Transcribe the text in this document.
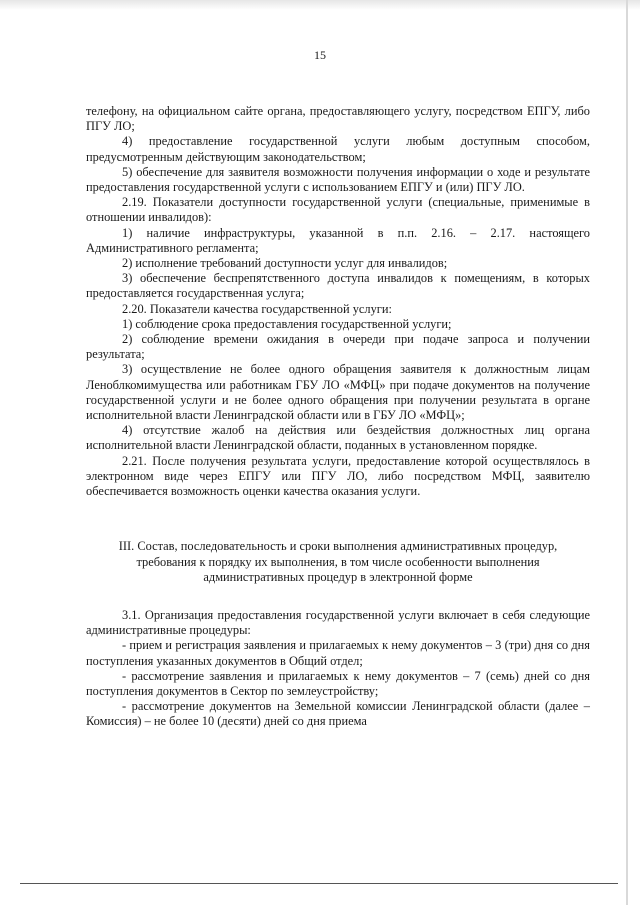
15

телефону, на официальном сайте органа, предоставляющего услугу, посредством ЕПГУ, либо ПГУ ЛО;

4) предоставление государственной услуги любым доступным способом, предусмотренным действующим законодательством;

5) обеспечение для заявителя возможности получения информации о ходе и результате предоставления государственной услуги с использованием ЕПГУ и (или) ПГУ ЛО.

2.19. Показатели доступности государственной услуги (специальные, применимые в отношении инвалидов):

1) наличие инфраструктуры, указанной в п.п. 2.16. – 2.17. настоящего Административного регламента;

2) исполнение требований доступности услуг для инвалидов;

3) обеспечение беспрепятственного доступа инвалидов к помещениям, в которых предоставляется государственная услуга;

2.20. Показатели качества государственной услуги:

1) соблюдение срока предоставления государственной услуги;

2) соблюдение времени ожидания в очереди при подаче запроса и получении результата;

3) осуществление не более одного обращения заявителя к должностным лицам Леноблкомимущества или работникам ГБУ ЛО «МФЦ» при подаче документов на получение государственной услуги и не более одного обращения при получении результата в органе исполнительной власти Ленинградской области или в ГБУ ЛО «МФЦ»;

4) отсутствие жалоб на действия или бездействия должностных лиц органа исполнительной власти Ленинградской области, поданных в установленном порядке.

2.21. После получения результата услуги, предоставление которой осуществлялось в электронном виде через ЕПГУ или ПГУ ЛО, либо посредством МФЦ, заявителю обеспечивается возможность оценки качества оказания услуги.

III. Состав, последовательность и сроки выполнения административных процедур, требования к порядку их выполнения, в том числе особенности выполнения административных процедур в электронной форме

3.1. Организация предоставления государственной услуги включает в себя следующие административные процедуры:

- прием и регистрация заявления и прилагаемых к нему документов – 3 (три) дня со дня поступления указанных документов в Общий отдел;

- рассмотрение заявления и прилагаемых к нему документов – 7 (семь) дней со дня поступления документов в Сектор по землеустройству;

- рассмотрение документов на Земельной комиссии Ленинградской области (далее – Комиссия) – не более 10 (десяти) дней со дня приема
